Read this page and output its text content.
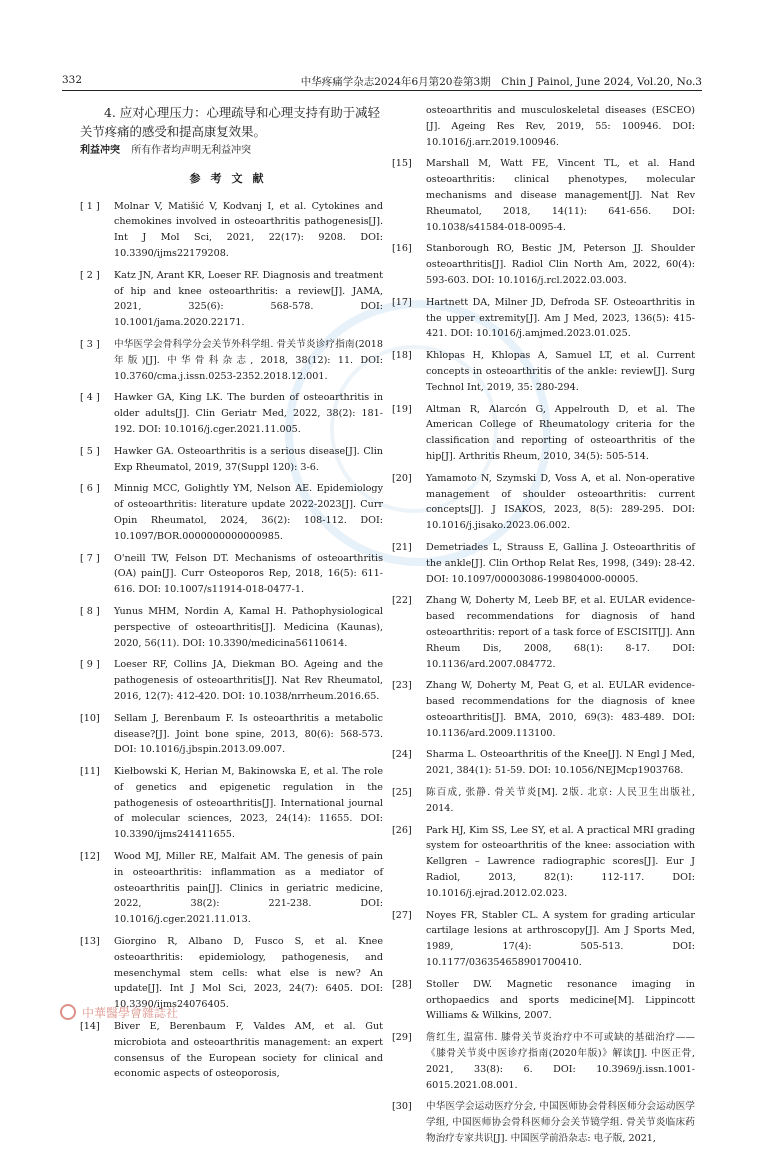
332	中华疼痛学杂志2024年6月第20卷第3期　Chin J Painol, June 2024, Vol.20, No.3

4. 应对心理压力：心理疏导和心理支持有助于减轻关节疼痛的感受和提高康复效果。

利益冲突 所有作者均声明无利益冲突

参考文献
[ 1 ]	Molnar V, Matišić V, Kodvanj I, et al. Cytokines and chemokines involved in osteoarthritis pathogenesis[J]. Int J Mol Sci, 2021, 22(17): 9208. DOI: 10.3390/ijms22179208.
[ 2 ]	Katz JN, Arant KR, Loeser RF. Diagnosis and treatment of hip and knee osteoarthritis: a review[J]. JAMA, 2021, 325(6): 568-578. DOI: 10.1001/jama.2020.22171.
[ 3 ]	中华医学会骨科学分会关节外科学组. 骨关节炎诊疗指南(2018年版)[J]. 中华骨科杂志, 2018, 38(12): 11. DOI: 10.3760/cma.j.issn.0253-2352.2018.12.001.
[ 4 ]	Hawker GA, King LK. The burden of osteoarthritis in older adults[J]. Clin Geriatr Med, 2022, 38(2): 181-192. DOI: 10.1016/j.cger.2021.11.005.
[ 5 ]	Hawker GA. Osteoarthritis is a serious disease[J]. Clin Exp Rheumatol, 2019, 37(Suppl 120): 3-6.
[ 6 ]	Minnig MCC, Golightly YM, Nelson AE. Epidemiology of osteoarthritis: literature update 2022-2023[J]. Curr Opin Rheumatol, 2024, 36(2): 108-112. DOI: 10.1097/BOR.0000000000000985.
[ 7 ]	O'neill TW, Felson DT. Mechanisms of osteoarthritis (OA) pain[J]. Curr Osteoporos Rep, 2018, 16(5): 611-616. DOI: 10.1007/s11914-018-0477-1.
[ 8 ]	Yunus MHM, Nordin A, Kamal H. Pathophysiological perspective of osteoarthritis[J]. Medicina (Kaunas), 2020, 56(11). DOI: 10.3390/medicina56110614.
[ 9 ]	Loeser RF, Collins JA, Diekman BO. Ageing and the pathogenesis of osteoarthritis[J]. Nat Rev Rheumatol, 2016, 12(7): 412-420. DOI: 10.1038/nrrheum.2016.65.
[10]	Sellam J, Berenbaum F. Is osteoarthritis a metabolic disease?[J]. Joint bone spine, 2013, 80(6): 568-573. DOI: 10.1016/j.jbspin.2013.09.007.
[11]	Kiełbowski K, Herian M, Bakinowska E, et al. The role of genetics and epigenetic regulation in the pathogenesis of osteoarthritis[J]. International journal of molecular sciences, 2023, 24(14): 11655. DOI: 10.3390/ijms241411655.
[12]	Wood MJ, Miller RE, Malfait AM. The genesis of pain in osteoarthritis: inflammation as a mediator of osteoarthritis pain[J]. Clinics in geriatric medicine, 2022, 38(2): 221-238. DOI: 10.1016/j.cger.2021.11.013.
[13]	Giorgino R, Albano D, Fusco S, et al. Knee osteoarthritis: epidemiology, pathogenesis, and mesenchymal stem cells: what else is new? An update[J]. Int J Mol Sci, 2023, 24(7): 6405. DOI: 10.3390/ijms24076405.
[14]	Biver E, Berenbaum F, Valdes AM, et al. Gut microbiota and osteoarthritis management: an expert consensus of the European society for clinical and economic aspects of osteoporosis,
osteoarthritis and musculoskeletal diseases (ESCEO)[J]. Ageing Res Rev, 2019, 55: 100946. DOI: 10.1016/j.arr.2019.100946.
[15]	Marshall M, Watt FE, Vincent TL, et al. Hand osteoarthritis: clinical phenotypes, molecular mechanisms and disease management[J]. Nat Rev Rheumatol, 2018, 14(11): 641-656. DOI: 10.1038/s41584-018-0095-4.
[16]	Stanborough RO, Bestic JM, Peterson JJ. Shoulder osteoarthritis[J]. Radiol Clin North Am, 2022, 60(4): 593-603. DOI: 10.1016/j.rcl.2022.03.003.
[17]	Hartnett DA, Milner JD, Defroda SF. Osteoarthritis in the upper extremity[J]. Am J Med, 2023, 136(5): 415-421. DOI: 10.1016/j.amjmed.2023.01.025.
[18]	Khlopas H, Khlopas A, Samuel LT, et al. Current concepts in osteoarthritis of the ankle: review[J]. Surg Technol Int, 2019, 35: 280-294.
[19]	Altman R, Alarcón G, Appelrouth D, et al. The American College of Rheumatology criteria for the classification and reporting of osteoarthritis of the hip[J]. Arthritis Rheum, 2010, 34(5): 505-514.
[20]	Yamamoto N, Szymski D, Voss A, et al. Non-operative management of shoulder osteoarthritis: current concepts[J]. J ISAKOS, 2023, 8(5): 289-295. DOI: 10.1016/j.jisako.2023.06.002.
[21]	Demetriades L, Strauss E, Gallina J. Osteoarthritis of the ankle[J]. Clin Orthop Relat Res, 1998, (349): 28-42. DOI: 10.1097/00003086-199804000-00005.
[22]	Zhang W, Doherty M, Leeb BF, et al. EULAR evidence-based recommendations for diagnosis of hand osteoarthritis: report of a task force of ESCISIT[J]. Ann Rheum Dis, 2008, 68(1): 8-17. DOI: 10.1136/ard.2007.084772.
[23]	Zhang W, Doherty M, Peat G, et al. EULAR evidence-based recommendations for the diagnosis of knee osteoarthritis[J]. BMA, 2010, 69(3): 483-489. DOI: 10.1136/ard.2009.113100.
[24]	Sharma L. Osteoarthritis of the Knee[J]. N Engl J Med, 2021, 384(1): 51-59. DOI: 10.1056/NEJMcp1903768.
[25]	陈百成, 张静. 骨关节炎[M]. 2版. 北京: 人民卫生出版社, 2014.
[26]	Park HJ, Kim SS, Lee SY, et al. A practical MRI grading system for osteoarthritis of the knee: association with Kellgren – Lawrence radiographic scores[J]. Eur J Radiol, 2013, 82(1): 112-117. DOI: 10.1016/j.ejrad.2012.02.023.
[27]	Noyes FR, Stabler CL. A system for grading articular cartilage lesions at arthroscopy[J]. Am J Sports Med, 1989, 17(4): 505-513. DOI: 10.1177/036354658901700410.
[28]	Stoller DW. Magnetic resonance imaging in orthopaedics and sports medicine[M]. Lippincott Williams & Wilkins, 2007.
[29]	詹红生, 温富伟. 膝骨关节炎治疗中不可或缺的基础治疗——《膝骨关节炎中医诊疗指南(2020年版)》解读[J]. 中医正骨, 2021, 33(8): 6. DOI: 10.3969/j.issn.1001-6015.2021.08.001.
[30]	中华医学会运动医疗分会, 中国医师协会骨科医师分会运动医学学组, 中国医师协会骨科医师分会关节镜学组. 骨关节炎临床药物治疗专家共识[J]. 中国医学前沿杂志: 电子版, 2021,
中華醫學會雜誌社
